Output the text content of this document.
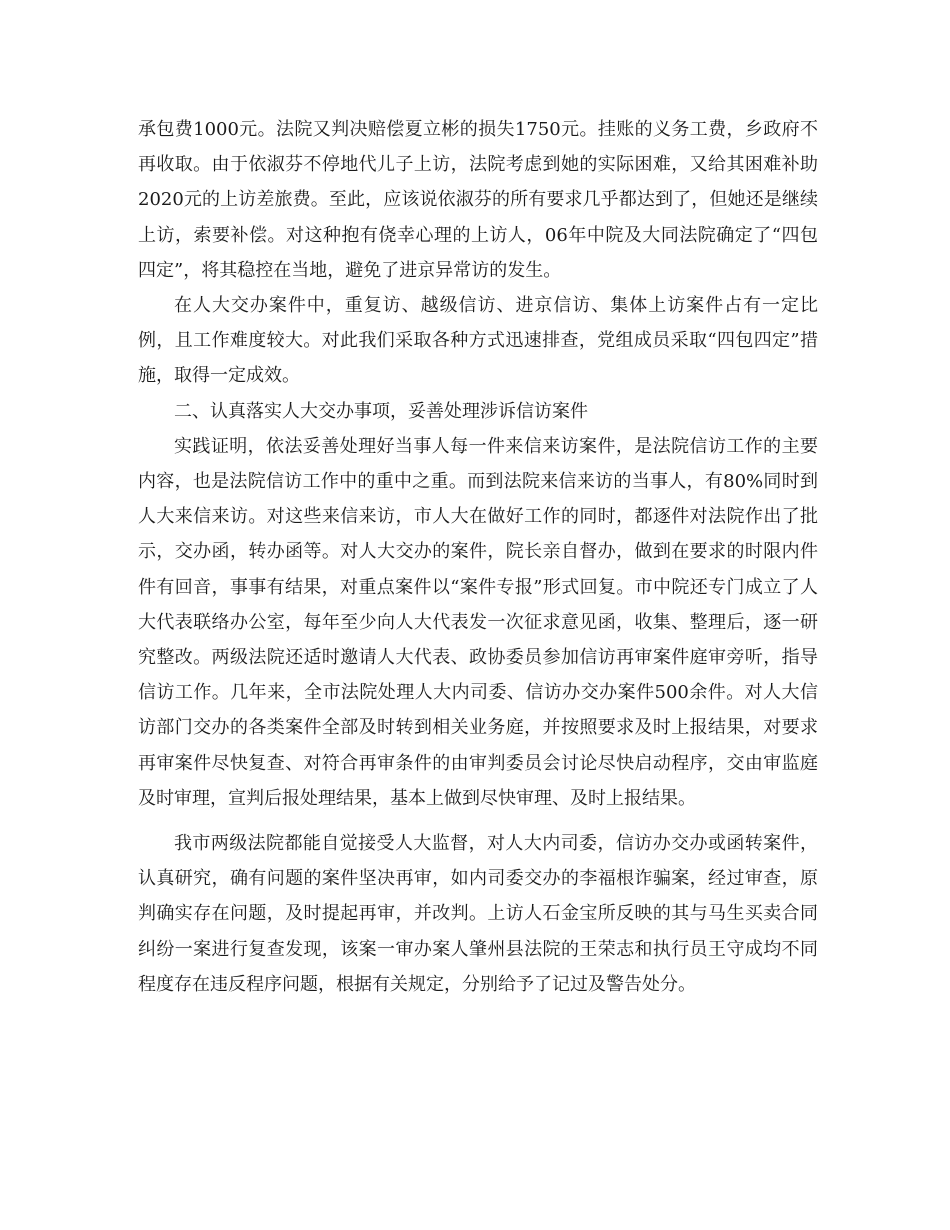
承包费1000元。法院又判决赔偿夏立彬的损失1750元。挂账的义务工费，乡政府不再收取。由于依淑芬不停地代儿子上访，法院考虑到她的实际困难，又给其困难补助2020元的上访差旅费。至此，应该说依淑芬的所有要求几乎都达到了，但她还是继续上访，索要补偿。对这种抱有侥幸心理的上访人，06年中院及大同法院确定了“四包四定”，将其稳控在当地，避免了进京异常访的发生。

在人大交办案件中，重复访、越级信访、进京信访、集体上访案件占有一定比例，且工作难度较大。对此我们采取各种方式迅速排查，党组成员采取“四包四定”措施，取得一定成效。

二、认真落实人大交办事项，妥善处理涉诉信访案件

实践证明，依法妥善处理好当事人每一件来信来访案件，是法院信访工作的主要内容，也是法院信访工作中的重中之重。而到法院来信来访的当事人，有80%同时到人大来信来访。对这些来信来访，市人大在做好工作的同时，都逐件对法院作出了批示，交办函，转办函等。对人大交办的案件，院长亲自督办，做到在要求的时限内件件有回音，事事有结果，对重点案件以“案件专报”形式回复。市中院还专门成立了人大代表联络办公室，每年至少向人大代表发一次征求意见函，收集、整理后，逐一研究整改。两级法院还适时邀请人大代表、政协委员参加信访再审案件庭审旁听，指导信访工作。几年来，全市法院处理人大内司委、信访办交办案件500余件。对人大信访部门交办的各类案件全部及时转到相关业务庭，并按照要求及时上报结果，对要求再审案件尽快复查、对符合再审条件的由审判委员会讨论尽快启动程序，交由审监庭及时审理，宣判后报处理结果，基本上做到尽快审理、及时上报结果。

我市两级法院都能自觉接受人大监督，对人大内司委，信访办交办或函转案件，认真研究，确有问题的案件坚决再审，如内司委交办的李福根诈骗案，经过审查，原判确实存在问题，及时提起再审，并改判。上访人石金宝所反映的其与马生买卖合同纠纷一案进行复查发现，该案一审办案人肇州县法院的王荣志和执行员王守成均不同程度存在违反程序问题，根据有关规定，分别给予了记过及警告处分。
